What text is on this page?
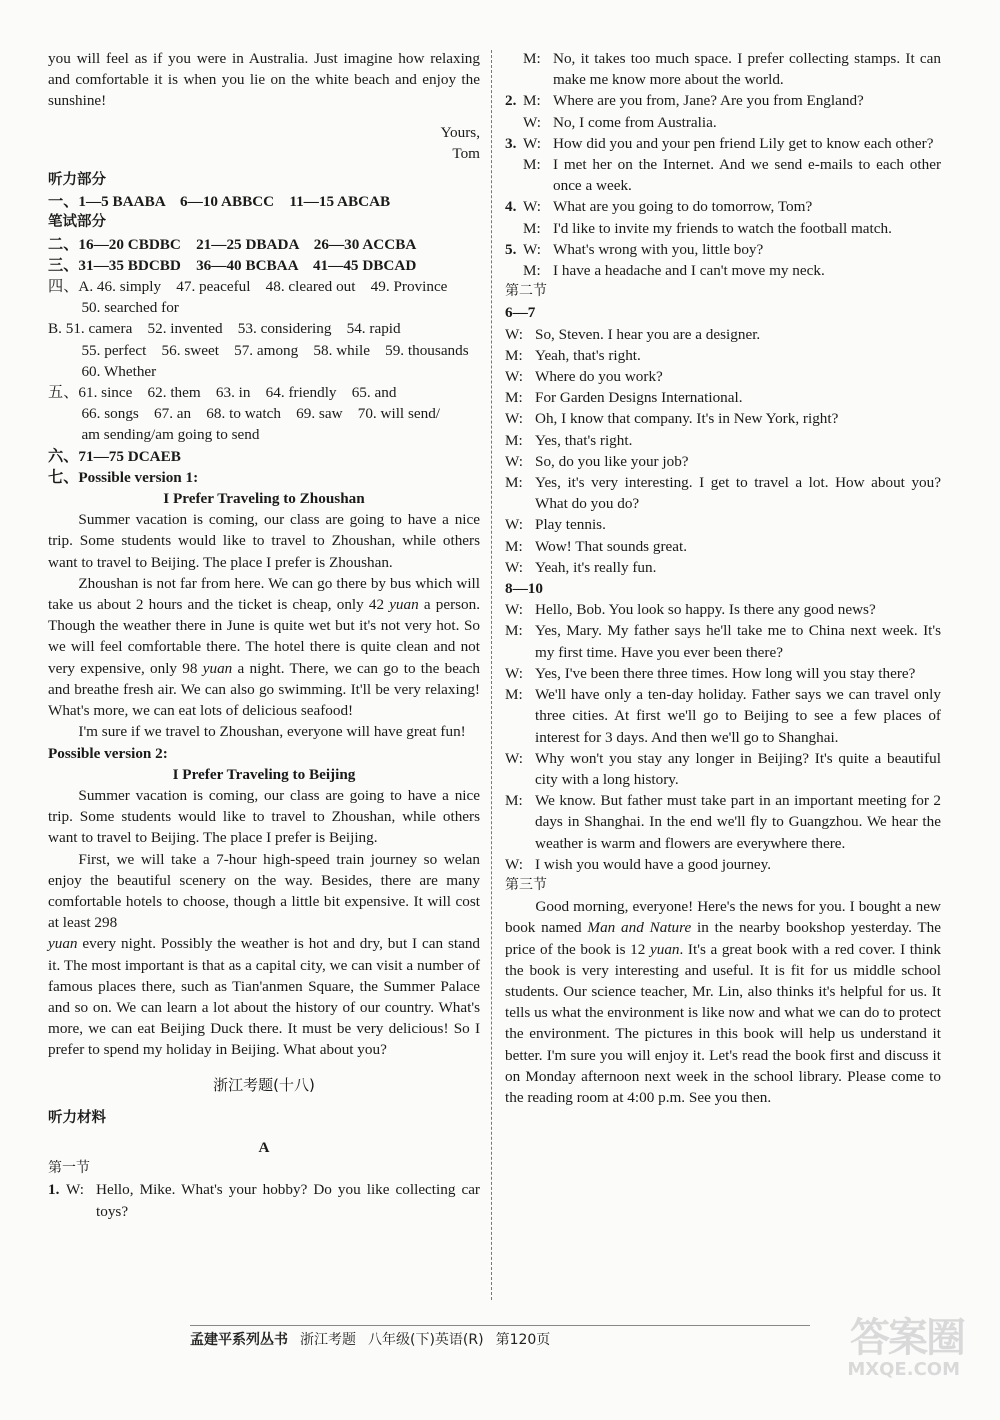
you will feel as if you were in Australia. Just imagine how relaxing and comfortable it is when you lie on the white beach and enjoy the sunshine!

Yours,

Tom

听力部分

一、1—5 BAABA　6—10 ABBCC　11—15 ABCAB

笔试部分

二、16—20 CBDBC　21—25 DBADA　26—30 ACCBA

三、31—35 BDCBD　36—40 BCBAA　41—45 DBCAD

四、A. 46. simply　47. peaceful　48. cleared out　49. Province

50. searched for

B. 51. camera　52. invented　53. considering　54. rapid

55. perfect　56. sweet　57. among　58. while　59. thousands

60. Whether

五、61. since　62. them　63. in　64. friendly　65. and

66. songs　67. an　68. to watch　69. saw　70. will send/

am sending/am going to send

六、71—75 DCAEB

七、Possible version 1:

I Prefer Traveling to Zhoushan

Summer vacation is coming, our class are going to have a nice trip. Some students would like to travel to Zhoushan, while others want to travel to Beijing. The place I prefer is Zhoushan.

Zhoushan is not far from here. We can go there by bus which will take us about 2 hours and the ticket is cheap, only 42 yuan a person. Though the weather there in June is quite wet but it's not very hot. So we will feel comfortable there. The hotel there is quite clean and not very expensive, only 98 yuan a night. There, we can go to the beach and breathe fresh air. We can also go swimming. It'll be very relaxing! What's more, we can eat lots of delicious seafood!

I'm sure if we travel to Zhoushan, everyone will have great fun!

Possible version 2:

I Prefer Traveling to Beijing

Summer vacation is coming, our class are going to have a nice trip. Some students would like to travel to Zhoushan, while others want to travel to Beijing. The place I prefer is Beijing.

First, we will take a 7-hour high-speed train journey so welan enjoy the beautiful scenery on the way. Besides, there are many comfortable hotels to choose, though a little bit expensive. It will cost at least 298
yuan every night. Possibly the weather is hot and dry, but I can stand it. The most important is that as a capital city, we can visit a number of famous places there, such as Tian'anmen Square, the Summer Palace and so on. We can learn a lot about the history of our country. What's more, we can eat Beijing Duck there. It must be very delicious! So I prefer to spend my holiday in Beijing. What about you?

浙江考题(十八)

听力材料

A

第一节

1. W: Hello, Mike. What's your hobby? Do you like collecting car toys?
M: No, it takes too much space. I prefer collecting stamps. It can make me know more about the world.
2. M: Where are you from, Jane? Are you from England?
W: No, I come from Australia.
3. W: How did you and your pen friend Lily get to know each other?
M: I met her on the Internet. And we send e-mails to each other once a week.
4. W: What are you going to do tomorrow, Tom?
M: I'd like to invite my friends to watch the football match.
5. W: What's wrong with you, little boy?
M: I have a headache and I can't move my neck.

第二节

6—7

W: So, Steven. I hear you are a designer.
M: Yeah, that's right.
W: Where do you work?
M: For Garden Designs International.
W: Oh, I know that company. It's in New York, right?
M: Yes, that's right.
W: So, do you like your job?
M: Yes, it's very interesting. I get to travel a lot. How about you? What do you do?
W: Play tennis.
M: Wow! That sounds great.
W: Yeah, it's really fun.

8—10

W: Hello, Bob. You look so happy. Is there any good news?
M: Yes, Mary. My father says he'll take me to China next week. It's my first time. Have you ever been there?
W: Yes, I've been there three times. How long will you stay there?
M: We'll have only a ten-day holiday. Father says we can travel only three cities. At first we'll go to Beijing to see a few places of interest for 3 days. And then we'll go to Shanghai.
W: Why won't you stay any longer in Beijing? It's quite a beautiful city with a long history.
M: We know. But father must take part in an important meeting for 2 days in Shanghai. In the end we'll fly to Guangzhou. We hear the weather is warm and flowers are everywhere there.
W: I wish you would have a good journey.

第三节

Good morning, everyone! Here's the news for you. I bought a new book named Man and Nature in the nearby bookshop yesterday. The price of the book is 12 yuan. It's a great book with a red cover. I think the book is very interesting and useful. It is fit for us middle school students. Our science teacher, Mr. Lin, also thinks it's helpful for us. It tells us what the environment is like now and what we can do to protect the environment. The pictures in this book will help us understand it better. I'm sure you will enjoy it. Let's read the book first and discuss it on Monday afternoon next week in the school library. Please come to the reading room at 4:00 p.m. See you then.

孟建平系列丛书 浙江考题 八年级(下)英语(R) 第120页	答案圈
MXQE.COM
